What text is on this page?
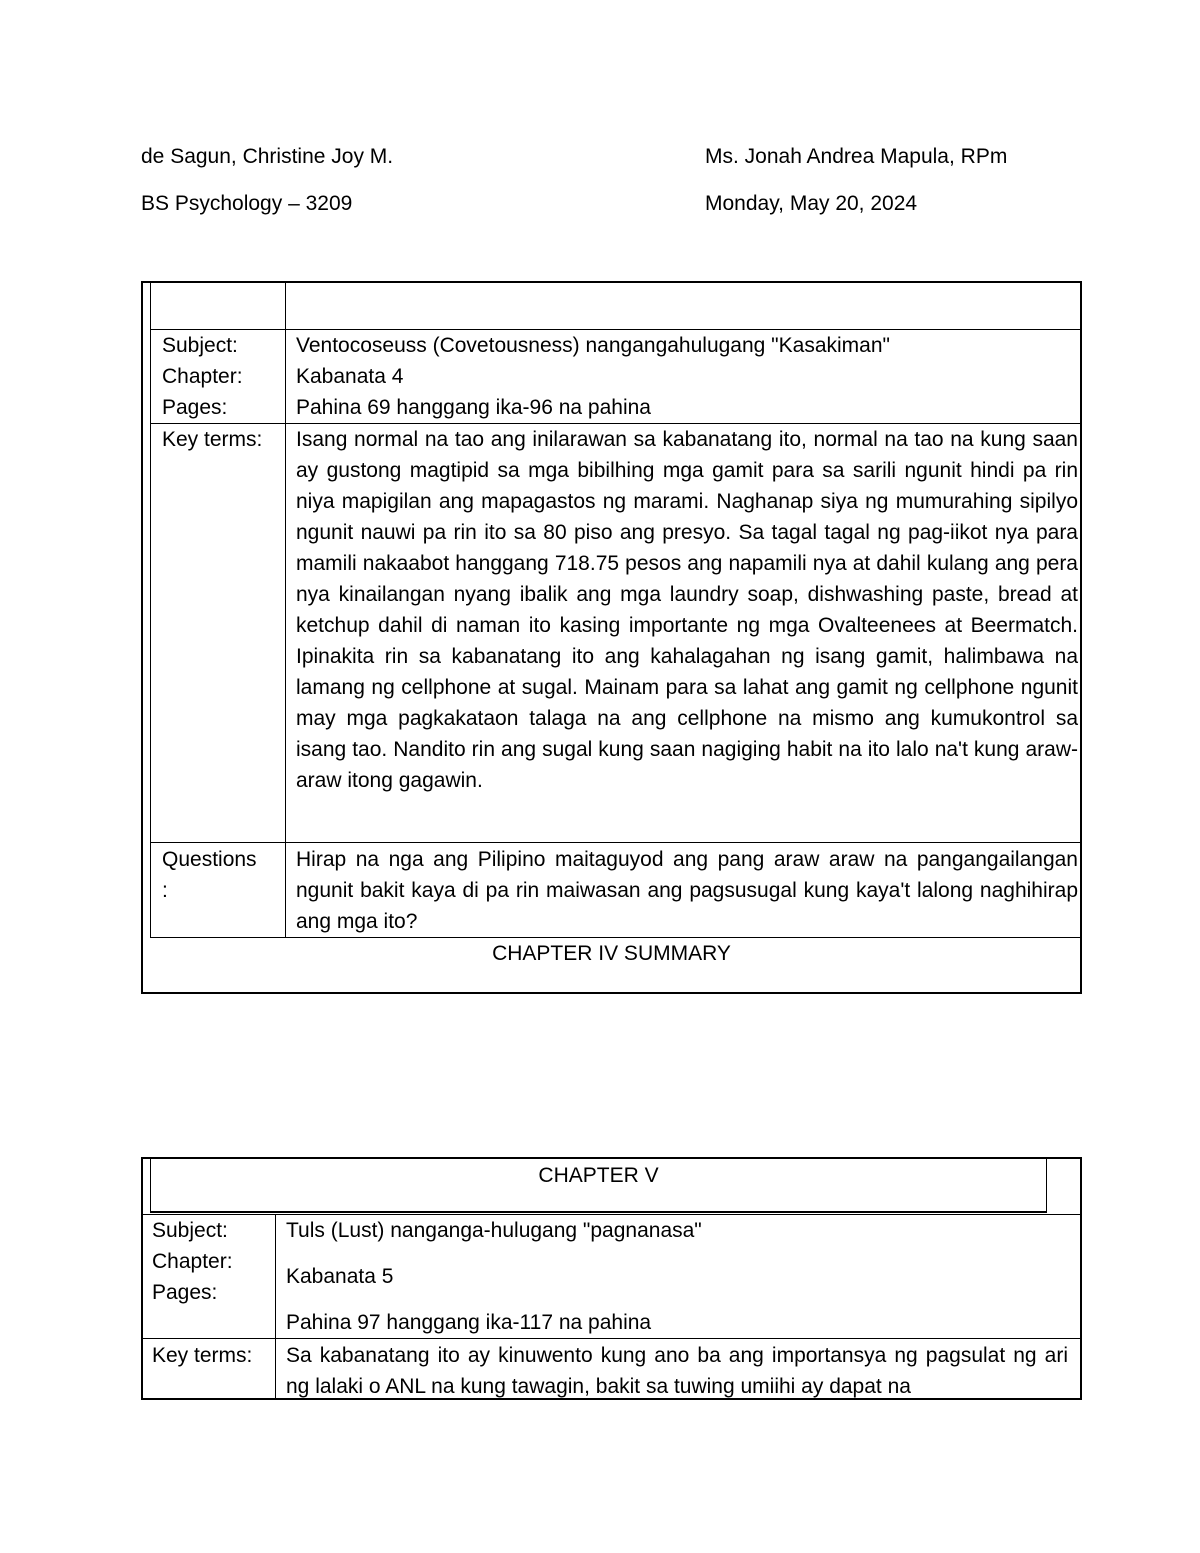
de Sagun, Christine Joy M.
BS Psychology – 3209
Ms. Jonah Andrea Mapula, RPm
Monday, May 20, 2024
Subject:
Chapter:
Pages:
Ventocoseuss (Covetousness) nangangahulugang "Kasakiman"
Kabanata 4
Pahina 69 hanggang ika-96 na pahina
Key terms: Isang normal na tao ang inilarawan sa kabanatang ito, normal na tao na kung saan ay gustong magtipid sa mga bibilhing mga gamit para sa sarili ngunit hindi pa rin niya mapigilan ang mapagastos ng marami. Naghanap siya ng mumurahing sipilyo ngunit nauwi pa rin ito sa 80 piso ang presyo. Sa tagal tagal ng pag-iikot nya para mamili nakaabot hanggang 718.75 pesos ang napamili nya at dahil kulang ang pera nya kinailangan nyang ibalik ang mga laundry soap, dishwashing paste, bread at ketchup dahil di naman ito kasing importante ng mga Ovalteenees at Beermatch. Ipinakita rin sa kabanatang ito ang kahalagahan ng isang gamit, halimbawa na lamang ng cellphone at sugal. Mainam para sa lahat ang gamit ng cellphone ngunit may mga pagkakataon talaga na ang cellphone na mismo ang kumukontrol sa isang tao. Nandito rin ang sugal kung saan nagiging habit na ito lalo na't kung araw-araw itong gagawin.
Questions
:
Hirap na nga ang Pilipino maitaguyod ang pang araw araw na pangangailangan ngunit bakit kaya di pa rin maiwasan ang pagsusugal kung kaya't lalong naghihirap ang mga ito?
CHAPTER IV SUMMARY
CHAPTER V
Subject:
Chapter:
Pages:
Tuls (Lust) nanganga-hulugang "pagnanasa"
Kabanata 5
Pahina 97 hanggang ika-117 na pahina
Key terms: Sa kabanatang ito ay kinuwento kung ano ba ang importansya ng pagsulat ng ari ng lalaki o ANL na kung tawagin, bakit sa tuwing umiihi ay dapat na
